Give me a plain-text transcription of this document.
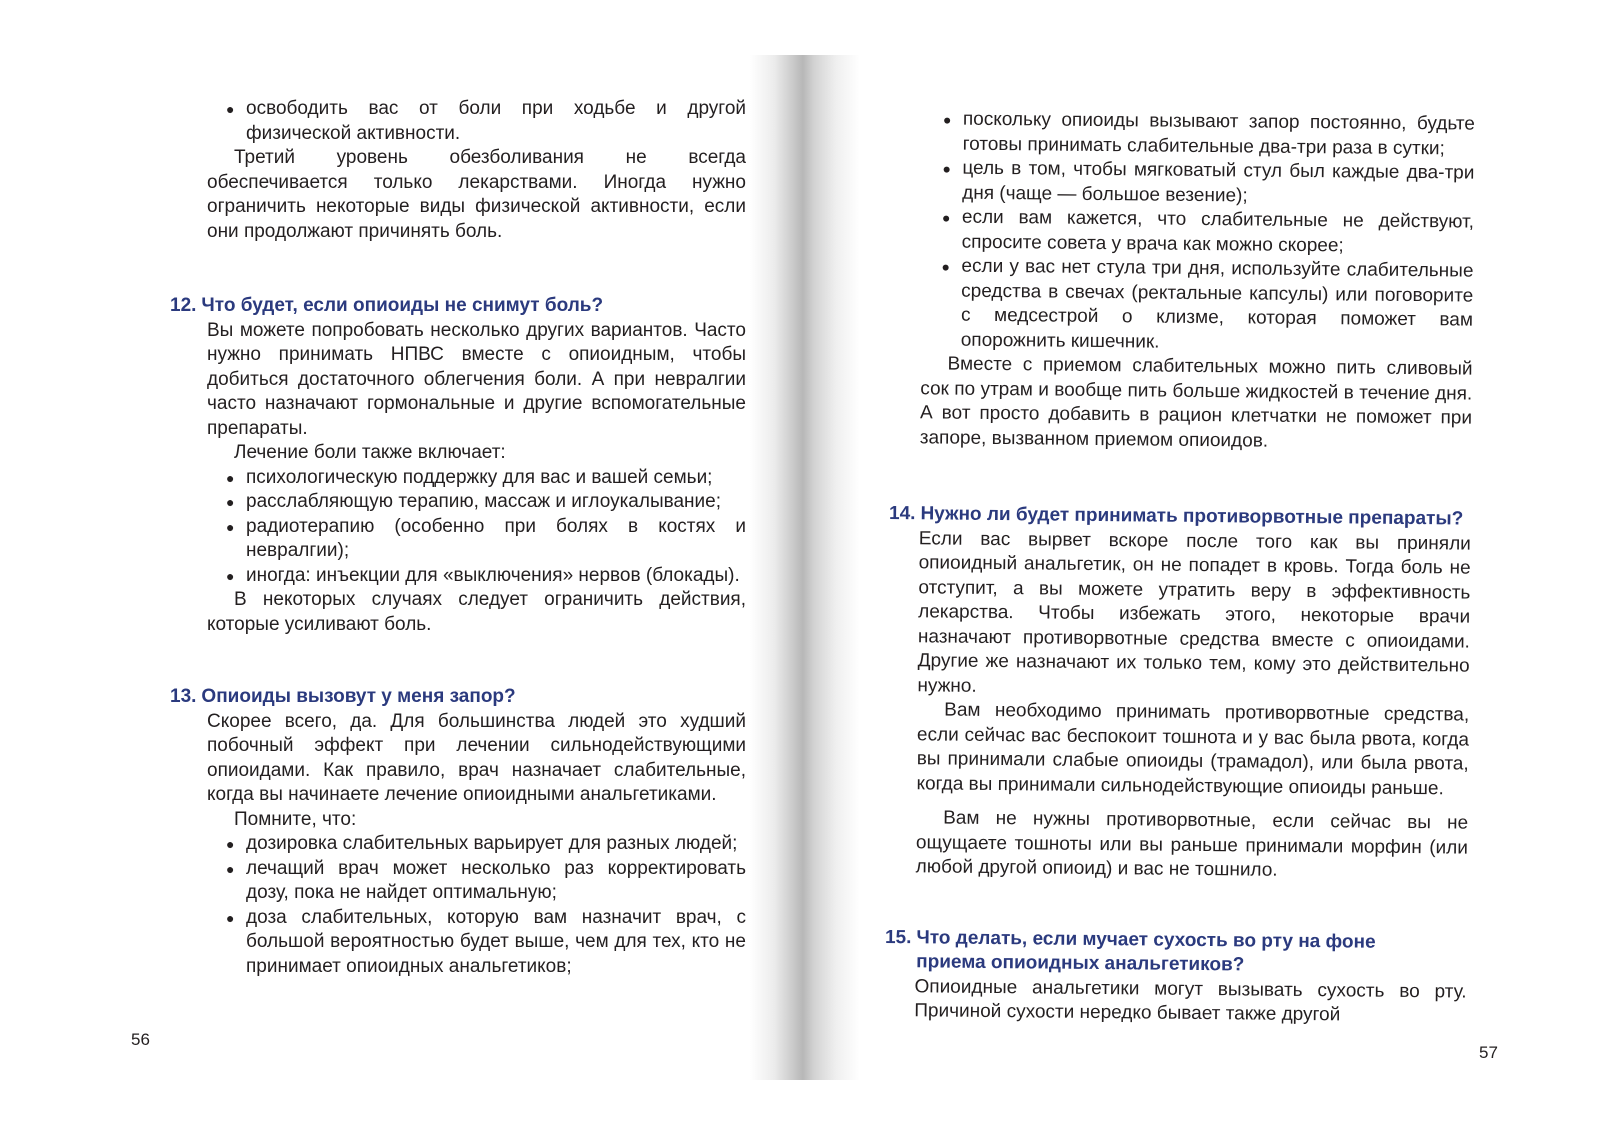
● освободить вас от боли при ходьбе и другой физической активности.

Третий уровень обезболивания не всегда обеспечивается только лекарствами. Иногда нужно ограничить некоторые виды физической активности, если они продолжают причинять боль.

12. Что будет, если опиоиды не снимут боль?

Вы можете попробовать несколько других вариантов. Часто нужно принимать НПВС вместе с опиоидным, чтобы добиться достаточного облегчения боли. А при невралгии часто назначают гормональные и другие вспомогательные препараты.

Лечение боли также включает:

● психологическую поддержку для вас и вашей семьи;
● расслабляющую терапию, массаж и иглоукалывание;
● радиотерапию (особенно при болях в костях и невралгии);
● иногда: инъекции для «выключения» нервов (блокады).

В некоторых случаях следует ограничить действия, которые усиливают боль.

13. Опиоиды вызовут у меня запор?

Скорее всего, да. Для большинства людей это худший побочный эффект при лечении сильнодействующими опиоидами. Как правило, врач назначает слабительные, когда вы начинаете лечение опиоидными анальгетиками.

Помните, что:

● дозировка слабительных варьирует для разных людей;
● лечащий врач может несколько раз корректировать дозу, пока не найдет оптимальную;
● доза слабительных, которую вам назначит врач, с большой вероятностью будет выше, чем для тех, кто не принимает опиоидных анальгетиков;
56
● поскольку опиоиды вызывают запор постоянно, будьте готовы принимать слабительные два-три раза в сутки;
● цель в том, чтобы мягковатый стул был каждые два-три дня (чаще — большое везение);
● если вам кажется, что слабительные не действуют, спросите совета у врача как можно скорее;
● если у вас нет стула три дня, используйте слабительные средства в свечах (ректальные капсулы) или поговорите с медсестрой о клизме, которая поможет вам опорожнить кишечник.

Вместе с приемом слабительных можно пить сливовый сок по утрам и вообще пить больше жидкостей в течение дня. А вот просто добавить в рацион клетчатки не поможет при запоре, вызванном приемом опиоидов.

14. Нужно ли будет принимать противорвотные препараты?

Если вас вырвет вскоре после того как вы приняли опиоидный анальгетик, он не попадет в кровь. Тогда боль не отступит, а вы можете утратить веру в эффективность лекарства. Чтобы избежать этого, некоторые врачи назначают противорвотные средства вместе с опиоидами. Другие же назначают их только тем, кому это действительно нужно.

Вам необходимо принимать противорвотные средства, если сейчас вас беспокоит тошнота и у вас была рвота, когда вы принимали слабые опиоиды (трамадол), или была рвота, когда вы принимали сильнодействующие опиоиды раньше.

Вам не нужны противорвотные, если сейчас вы не ощущаете тошноты или вы раньше принимали морфин (или любой другой опиоид) и вас не тошнило.

15. Что делать, если мучает сухость во рту на фоне приема опиоидных анальгетиков?

Опиоидные анальгетики могут вызывать сухость во рту. Причиной сухости нередко бывает также другой

57
